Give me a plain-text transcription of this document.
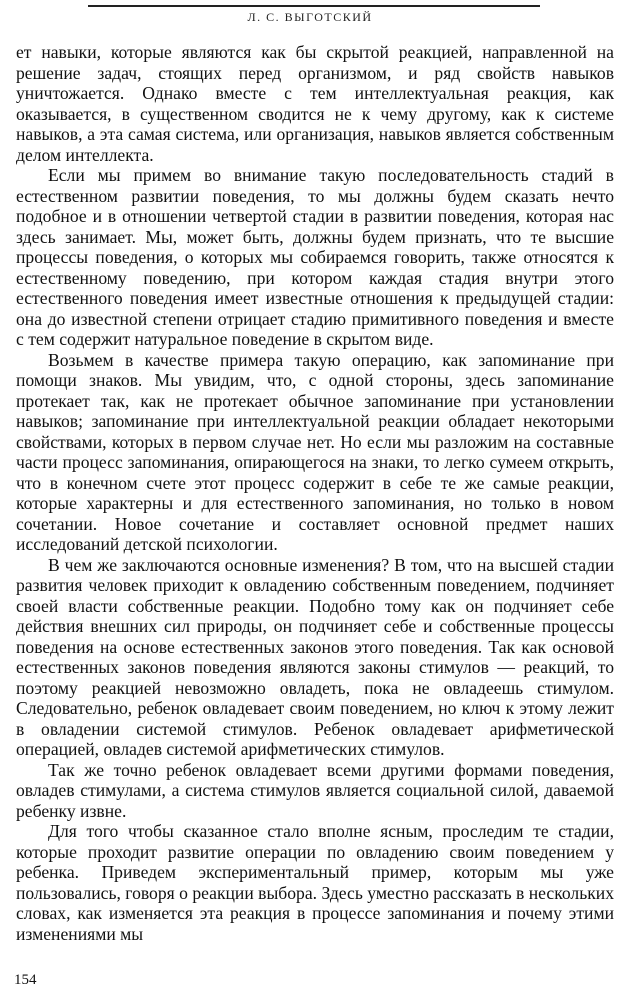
Л. С. ВЫГОТСКИЙ

ет навыки, которые являются как бы скрытой реакцией, направленной на решение задач, стоящих перед организмом, и ряд свойств навыков уничтожается. Однако вместе с тем интеллектуальная реакция, как оказывается, в существенном сводится не к чему другому, как к системе навыков, а эта самая система, или организация, навыков является собственным делом интеллекта.

Если мы примем во внимание такую последовательность стадий в естественном развитии поведения, то мы должны будем сказать нечто подобное и в отношении четвертой стадии в развитии поведения, которая нас здесь занимает. Мы, может быть, должны будем признать, что те высшие процессы поведения, о которых мы собираемся говорить, также относятся к естественному поведению, при котором каждая стадия внутри этого естественного поведения имеет известные отношения к предыдущей стадии: она до известной степени отрицает стадию примитивного поведения и вместе с тем содержит натуральное поведение в скрытом виде.

Возьмем в качестве примера такую операцию, как запоминание при помощи знаков. Мы увидим, что, с одной стороны, здесь запоминание протекает так, как не протекает обычное запоминание при установлении навыков; запоминание при интеллектуальной реакции обладает некоторыми свойствами, которых в первом случае нет. Но если мы разложим на составные части процесс запоминания, опирающегося на знаки, то легко сумеем открыть, что в конечном счете этот процесс содержит в себе те же самые реакции, которые характерны и для естественного запоминания, но только в новом сочетании. Новое сочетание и составляет основной предмет наших исследований детской психологии.

В чем же заключаются основные изменения? В том, что на высшей стадии развития человек приходит к овладению собственным поведением, подчиняет своей власти собственные реакции. Подобно тому как он подчиняет себе действия внешних сил природы, он подчиняет себе и собственные процессы поведения на основе естественных законов этого поведения. Так как основой естественных законов поведения являются законы стимулов — реакций, то поэтому реакцией невозможно овладеть, пока не овладеешь стимулом. Следовательно, ребенок овладевает своим поведением, но ключ к этому лежит в овладении системой стимулов. Ребенок овладевает арифметической операцией, овладев системой арифметических стимулов.

Так же точно ребенок овладевает всеми другими формами поведения, овладев стимулами, а система стимулов является социальной силой, даваемой ребенку извне.

Для того чтобы сказанное стало вполне ясным, проследим те стадии, которые проходит развитие операции по овладению своим поведением у ребенка. Приведем экспериментальный пример, которым мы уже пользовались, говоря о реакции выбора. Здесь уместно рассказать в нескольких словах, как изменяется эта реакция в процессе запоминания и почему этими изменениями мы

154
